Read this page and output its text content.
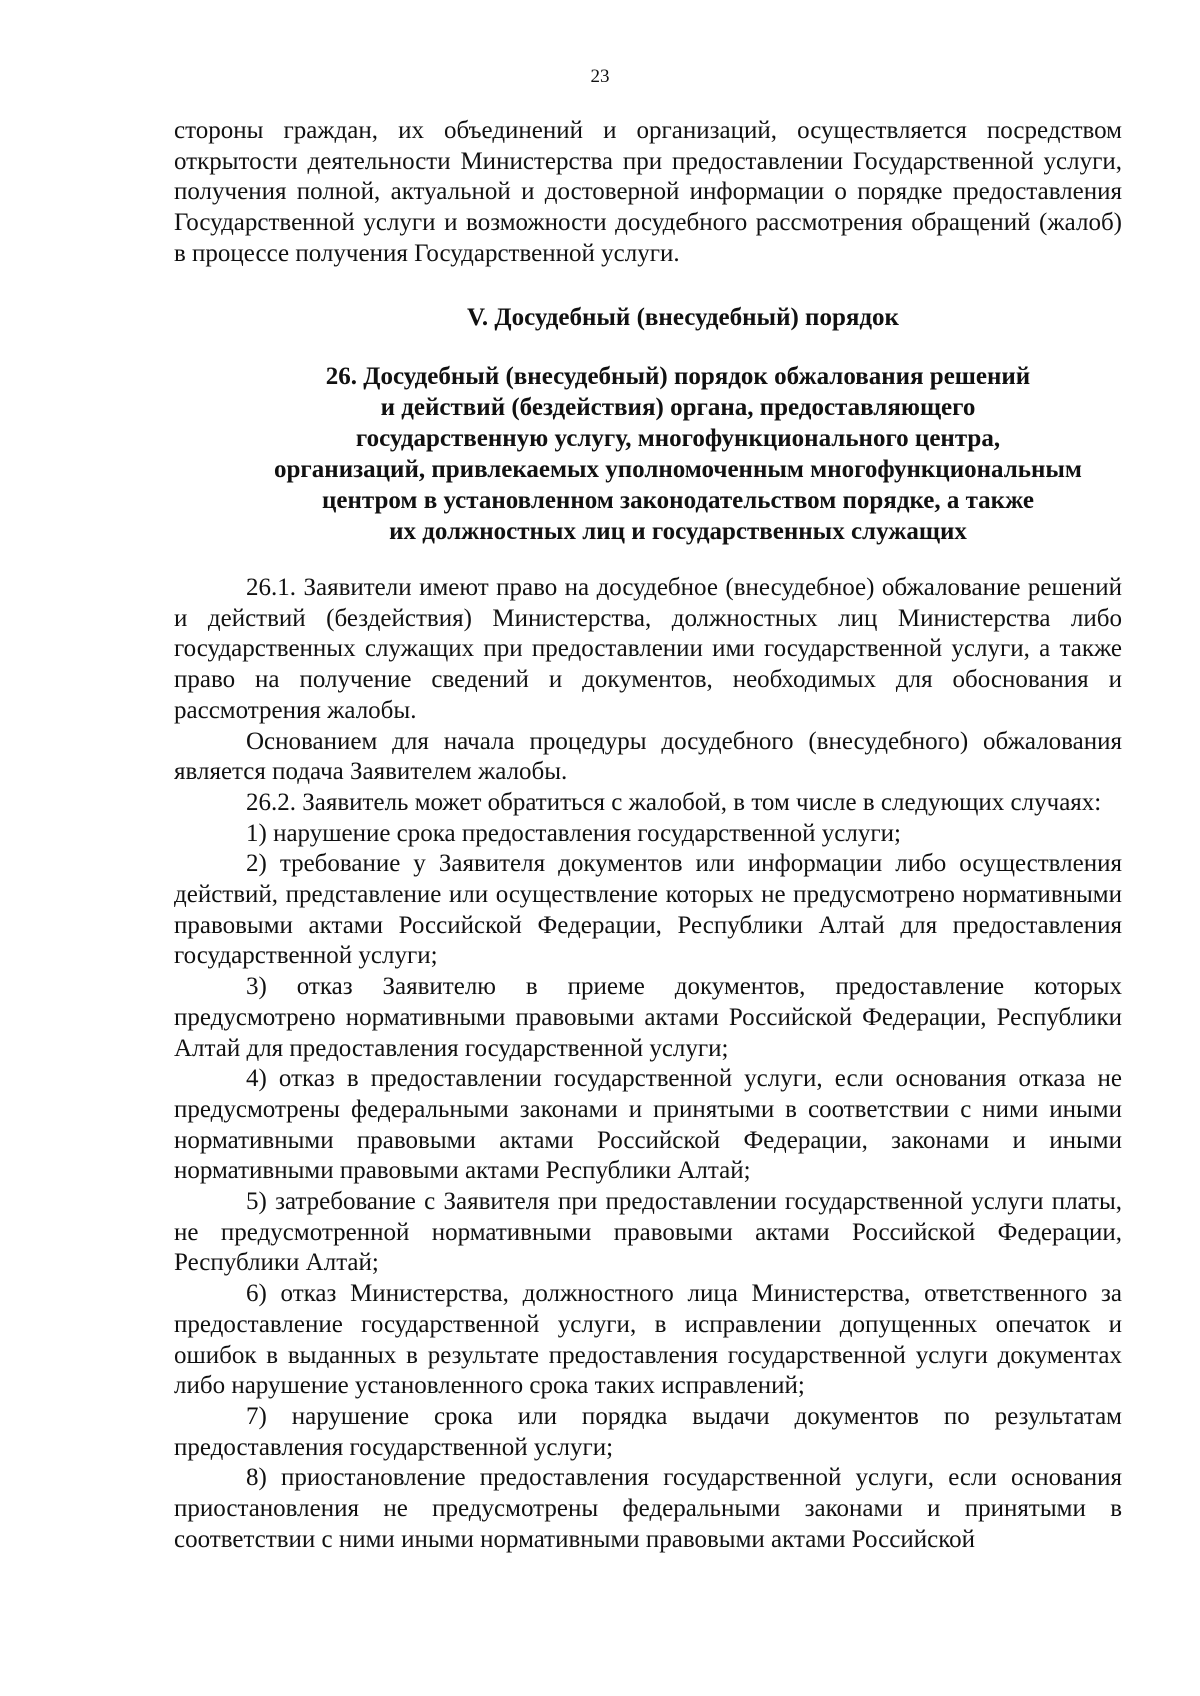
23

стороны граждан, их объединений и организаций, осуществляется посредством открытости деятельности Министерства при предоставлении Государственной услуги, получения полной, актуальной и достоверной информации о порядке предоставления Государственной услуги и возможности досудебного рассмотрения обращений (жалоб) в процессе получения Государственной услуги.

V. Досудебный (внесудебный) порядок
26. Досудебный (внесудебный) порядок обжалования решений
и действий (бездействия) органа, предоставляющего
государственную услугу, многофункционального центра,
организаций, привлекаемых уполномоченным многофункциональным
центром в установленном законодательством порядке, а также
их должностных лиц и государственных служащих

26.1. Заявители имеют право на досудебное (внесудебное) обжалование решений и действий (бездействия) Министерства, должностных лиц Министерства либо государственных служащих при предоставлении ими государственной услуги, а также право на получение сведений и документов, необходимых для обоснования и рассмотрения жалобы.

Основанием для начала процедуры досудебного (внесудебного) обжалования является подача Заявителем жалобы.

26.2. Заявитель может обратиться с жалобой, в том числе в следующих случаях:

1) нарушение срока предоставления государственной услуги;

2) требование у Заявителя документов или информации либо осуществления действий, представление или осуществление которых не предусмотрено нормативными правовыми актами Российской Федерации, Республики Алтай для предоставления государственной услуги;

3) отказ Заявителю в приеме документов, предоставление которых предусмотрено нормативными правовыми актами Российской Федерации, Республики Алтай для предоставления государственной услуги;

4) отказ в предоставлении государственной услуги, если основания отказа не предусмотрены федеральными законами и принятыми в соответствии с ними иными нормативными правовыми актами Российской Федерации, законами и иными нормативными правовыми актами Республики Алтай;

5) затребование с Заявителя при предоставлении государственной услуги платы, не предусмотренной нормативными правовыми актами Российской Федерации, Республики Алтай;

6) отказ Министерства, должностного лица Министерства, ответственного за предоставление государственной услуги, в исправлении допущенных опечаток и ошибок в выданных в результате предоставления государственной услуги документах либо нарушение установленного срока таких исправлений;

7) нарушение срока или порядка выдачи документов по результатам предоставления государственной услуги;

8) приостановление предоставления государственной услуги, если основания приостановления не предусмотрены федеральными законами и принятыми в соответствии с ними иными нормативными правовыми актами Российской
